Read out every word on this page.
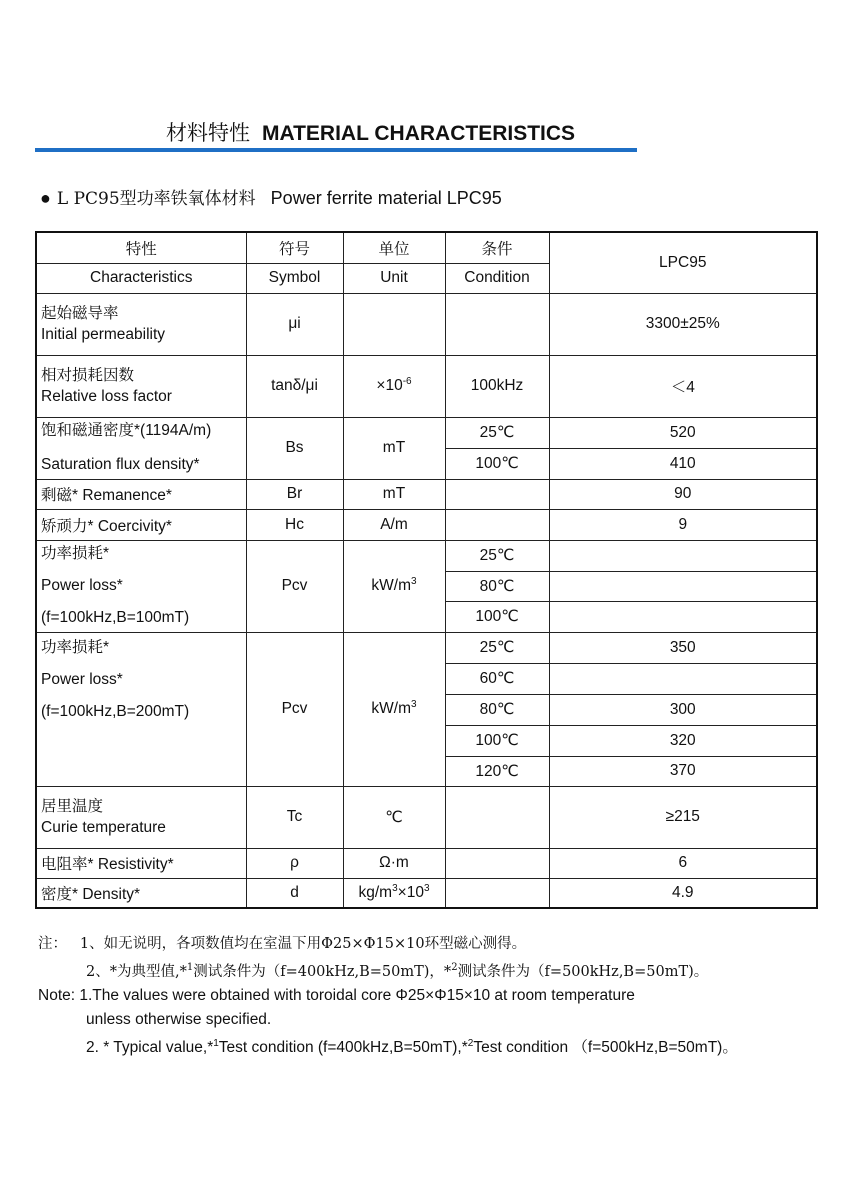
材料特性 MATERIAL CHARACTERISTICS
● L PC95型功率铁氧体材料 Power ferrite material LPC95
特性	符号	单位	条件	LPC95
Characteristics	Symbol	Unit	Condition	

起始磁导率
Initial permeability	μi			3300±25%

相对损耗因数
Relative loss factor	tanδ/μi	$\times 10^{-6}$	100kHz	＜4

饱和磁通密度*(1194A/m)
Saturation flux density*	Bs	mT	25℃	520
			100℃	410
剩磁* Remanence*	Br	mT		90
矫顽力* Coercivity*	Hc	A/m		9

功率损耗*
Power loss*
(f=100kHz,B=100mT)	Pcv	$kW/m^3$	25℃	
			80℃	
			100℃	

功率损耗*
Power loss*
(f=100kHz,B=200mT)	Pcv	$kW/m^3$	25℃	350
			60℃	
			80℃	300
			100℃	320
			120℃	370

居里温度
Curie temperature	Tc	℃		≥215
电阻率* Resistivity*	ρ	Ω·m		6
密度* Density*	d	$kg/m^3\times 10^3$		4.9
注： 1、如无说明，各项数值均在室温下用Φ25×Φ15×10环型磁心测得。
2、*为典型值,*$^1$测试条件为（f=400kHz,B=50mT)，*$^2$测试条件为（f=500kHz,B=50mT)。
Note: 1.The values were obtained with toroidal core Φ25×Φ15×10 at room temperature
unless otherwise specified.
2. * Typical value,*$^1$Test condition (f=400kHz,B=50mT),*$^2$Test condition （f=500kHz,B=50mT)。
